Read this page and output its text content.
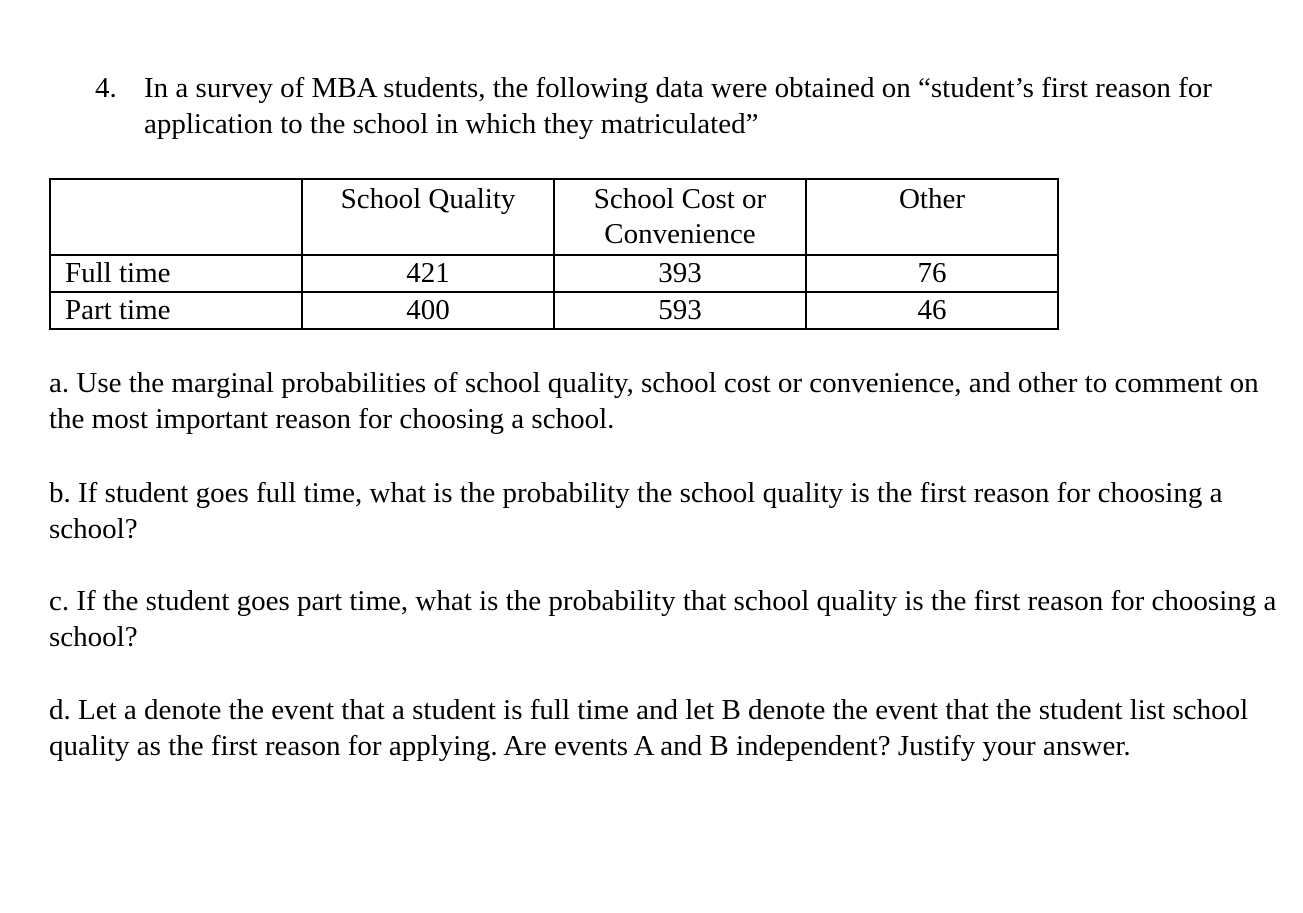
4. In a survey of MBA students, the following data were obtained on “student’s first reason for application to the school in which they matriculated”
	School Quality	School Cost or Convenience	Other
Full time	421	393	76
Part time	400	593	46
a. Use the marginal probabilities of school quality, school cost or convenience, and other to comment on the most important reason for choosing a school.
b. If student goes full time, what is the probability the school quality is the first reason for choosing a school?
c. If the student goes part time, what is the probability that school quality is the first reason for choosing a school?
d. Let a denote the event that a student is full time and let B denote the event that the student list school quality as the first reason for applying. Are events A and B independent? Justify your answer.
